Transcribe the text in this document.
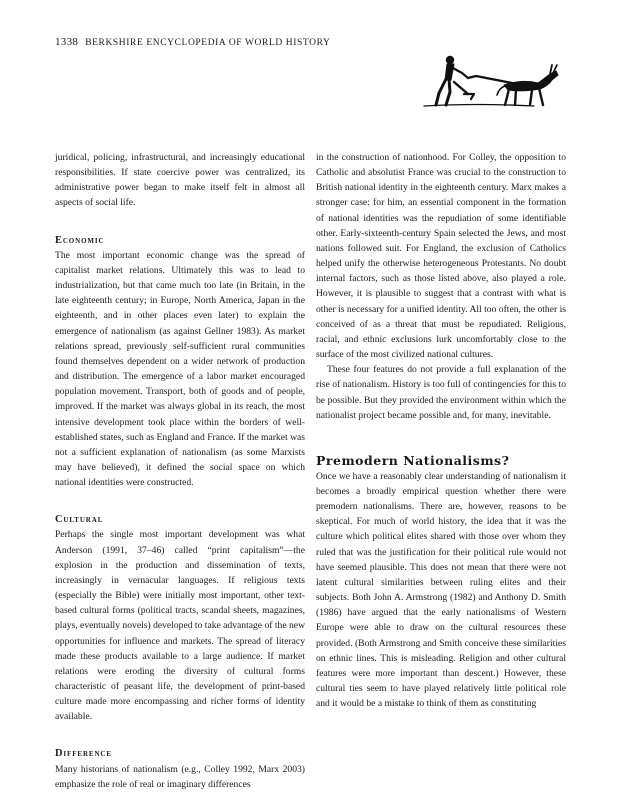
1338 BERKSHIRE ENCYCLOPEDIA OF WORLD HISTORY

juridical, policing, infrastructural, and increasingly educational responsibilities. If state coercive power was centralized, its administrative power began to make itself felt in almost all aspects of social life.

Economic

The most important economic change was the spread of capitalist market relations. Ultimately this was to lead to industrialization, but that came much too late (in Britain, in the late eighteenth century; in Europe, North America, Japan in the eighteenth, and in other places even later) to explain the emergence of nationalism (as against Gellner 1983). As market relations spread, previously self-sufficient rural communities found themselves dependent on a wider network of production and distribution. The emergence of a labor market encouraged population movement. Transport, both of goods and of people, improved. If the market was always global in its reach, the most intensive development took place within the borders of well-established states, such as England and France. If the market was not a sufficient explanation of nationalism (as some Marxists may have believed), it defined the social space on which national identities were constructed.

Cultural

Perhaps the single most important development was what Anderson (1991, 37–46) called “print capitalism”—the explosion in the production and dissemination of texts, increasingly in vernacular languages. If religious texts (especially the Bible) were initially most important, other text-based cultural forms (political tracts, scandal sheets, magazines, plays, eventually novels) developed to take advantage of the new opportunities for influence and markets. The spread of literacy made these products available to a large audience. If market relations were eroding the diversity of cultural forms characteristic of peasant life, the development of print-based culture made more encompassing and richer forms of identity available.

Difference

Many historians of nationalism (e.g., Colley 1992, Marx 2003) emphasize the role of real or imaginary differences

in the construction of nationhood. For Colley, the opposition to Catholic and absolutist France was crucial to the construction to British national identity in the eighteenth century. Marx makes a stronger case: for him, an essential component in the formation of national identities was the repudiation of some identifiable other. Early-sixteenth-century Spain selected the Jews, and most nations followed suit. For England, the exclusion of Catholics helped unify the otherwise heterogeneous Protestants. No doubt internal factors, such as those listed above, also played a role. However, it is plausible to suggest that a contrast with what is other is necessary for a unified identity. All too often, the other is conceived of as a threat that must be repudiated. Religious, racial, and ethnic exclusions lurk uncomfortably close to the surface of the most civilized national cultures.

These four features do not provide a full explanation of the rise of nationalism. History is too full of contingencies for this to be possible. But they provided the environment within which the nationalist project became possible and, for many, inevitable.

Premodern Nationalisms?

Once we have a reasonably clear understanding of nationalism it becomes a broadly empirical question whether there were premodern nationalisms. There are, however, reasons to be skeptical. For much of world history, the idea that it was the culture which political elites shared with those over whom they ruled that was the justification for their political rule would not have seemed plausible. This does not mean that there were not latent cultural similarities between ruling elites and their subjects. Both John A. Armstrong (1982) and Anthony D. Smith (1986) have argued that the early nationalisms of Western Europe were able to draw on the cultural resources these provided. (Both Armstrong and Smith conceive these similarities on ethnic lines. This is misleading. Religion and other cultural features were more important than descent.) However, these cultural ties seem to have played relatively little political role and it would be a mistake to think of them as constituting
